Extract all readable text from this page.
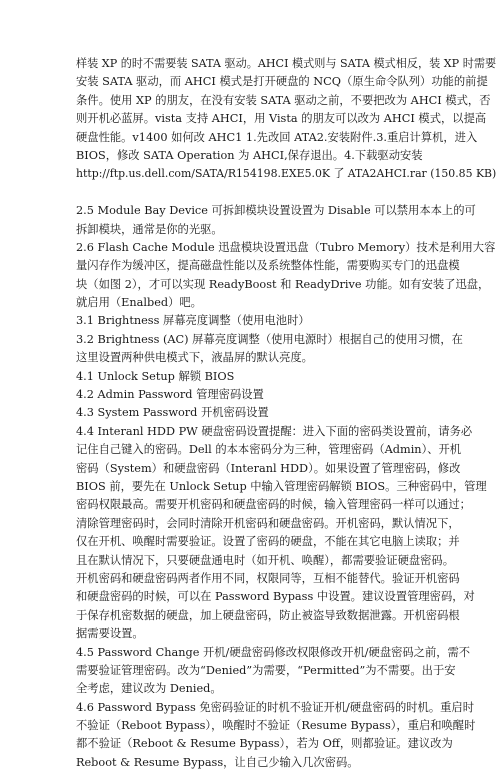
样装 XP 的时不需要装 SATA 驱动。AHCI 模式则与 SATA 模式相反，装 XP 时需要
安装 SATA 驱动，而 AHCI 模式是打开硬盘的 NCQ（原生命令队列）功能的前提
条件。使用 XP 的朋友，在没有安装 SATA 驱动之前，不要把改为 AHCI 模式，否
则开机必蓝屏。vista 支持 AHCI，用 Vista 的朋友可以改为 AHCI 模式，以提高
硬盘性能。v1400 如何改 AHC1 1.先改回 ATA2.安装附件.3.重启计算机，进入
BIOS，修改 SATA Operation 为 AHCI,保存退出。4.下载驱动安装
http://ftp.us.dell.com/SATA/R154198.EXE5.0K 了 ATA2AHCI.rar (150.85 KB)
2.5 Module Bay Device 可拆卸模块设置设置为 Disable 可以禁用本本上的可
拆卸模块，通常是你的光驱。
2.6 Flash Cache Module 迅盘模块设置迅盘（Tubro Memory）技术是利用大容
量闪存作为缓冲区，提高磁盘性能以及系统整体性能，需要购买专门的迅盘模
块（如图 2），才可以实现 ReadyBoost 和 ReadyDrive 功能。如有安装了迅盘，
就启用（Enalbed）吧。
3.1 Brightness 屏幕亮度调整（使用电池时）
3.2 Brightness (AC) 屏幕亮度调整（使用电源时）根据自己的使用习惯，在
这里设置两种供电模式下，液晶屏的默认亮度。
4.1 Unlock Setup 解锁 BIOS
4.2 Admin Password 管理密码设置
4.3 System Password 开机密码设置
4.4 Interanl HDD PW 硬盘密码设置提醒：进入下面的密码类设置前，请务必
记住自己键入的密码。Dell 的本本密码分为三种，管理密码（Admin）、开机
密码（System）和硬盘密码（Interanl HDD）。如果设置了管理密码，修改
BIOS 前，要先在 Unlock Setup 中输入管理密码解锁 BIOS。三种密码中，管理
密码权限最高。需要开机密码和硬盘密码的时候，输入管理密码一样可以通过；
清除管理密码时，会同时清除开机密码和硬盘密码。开机密码，默认情况下，
仅在开机、唤醒时需要验证。设置了密码的硬盘，不能在其它电脑上读取；并
且在默认情况下，只要硬盘通电时（如开机、唤醒），都需要验证硬盘密码。
开机密码和硬盘密码两者作用不同，权限同等，互相不能替代。验证开机密码
和硬盘密码的时候，可以在 Password Bypass 中设置。建议设置管理密码，对
于保存机密数据的硬盘，加上硬盘密码，防止被盗导致数据泄露。开机密码根
据需要设置。
4.5 Password Change 开机/硬盘密码修改权限修改开机/硬盘密码之前，需不
需要验证管理密码。改为“Denied”为需要，“Permitted”为不需要。出于安
全考虑，建议改为 Denied。
4.6 Password Bypass 免密码验证的时机不验证开机/硬盘密码的时机。重启时
不验证（Reboot Bypass），唤醒时不验证（Resume Bypass），重启和唤醒时
都不验证（Reboot & Resume Bypass），若为 Off，则都验证。建议改为
Reboot & Resume Bypass，让自己少输入几次密码。
